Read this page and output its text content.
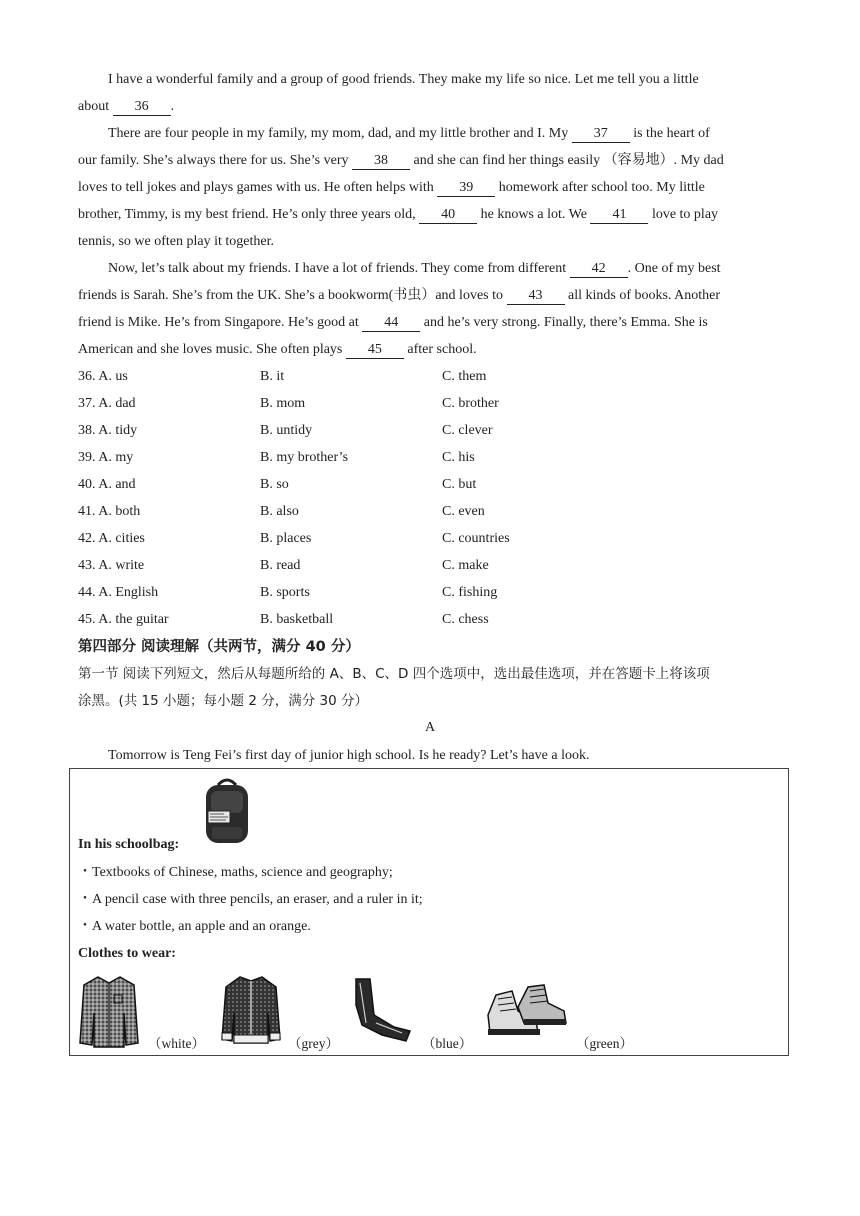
I have a wonderful family and a group of good friends. They make my life so nice. Let me tell you a little
about 36 .
There are four people in my family, my mom, dad, and my little brother and I. My 37 is the heart of
our family. She’s always there for us. She’s very 38 and she can find her things easily （容易地）. My dad
loves to tell jokes and plays games with us. He often helps with 39 homework after school too. My little
brother, Timmy, is my best friend. He’s only three years old, 40 he knows a lot. We 41 love to play
tennis, so we often play it together.
Now, let’s talk about my friends. I have a lot of friends. They come from different 42 . One of my best
friends is Sarah. She’s from the UK. She’s a bookworm(书虫）and loves to 43 all kinds of books. Another
friend is Mike. He’s from Singapore. He’s good at 44 and he’s very strong. Finally, there’s Emma. She is
American and she loves music. She often plays 45 after school.
36. A. us	B. it	C. them
37. A. dad	B. mom	C. brother
38. A. tidy	B. untidy	C. clever
39. A. my	B. my brother’s	C. his
40. A. and	B. so	C. but
41. A. both	B. also	C. even
42. A. cities	B. places	C. countries
43. A. write	B. read	C. make
44. A. English	B. sports	C. fishing
45. A. the guitar	B. basketball	C. chess
第四部分 阅读理解（共两节，满分 40 分）
第一节 阅读下列短文，然后从每题所给的 A、B、C、D 四个选项中，选出最佳选项，并在答题卡上将该项
涂黑。(共 15 小题；每小题 2 分，满分 30 分）
A
Tomorrow is Teng Fei’s first day of junior high school. Is he ready? Let’s have a look.
In his schoolbag:
・Textbooks of Chinese, maths, science and geography;
・A pencil case with three pencils, an eraser, and a ruler in it;
・A water bottle, an apple and an orange.
Clothes to wear:
（white）	（grey）	（blue）	（green）
